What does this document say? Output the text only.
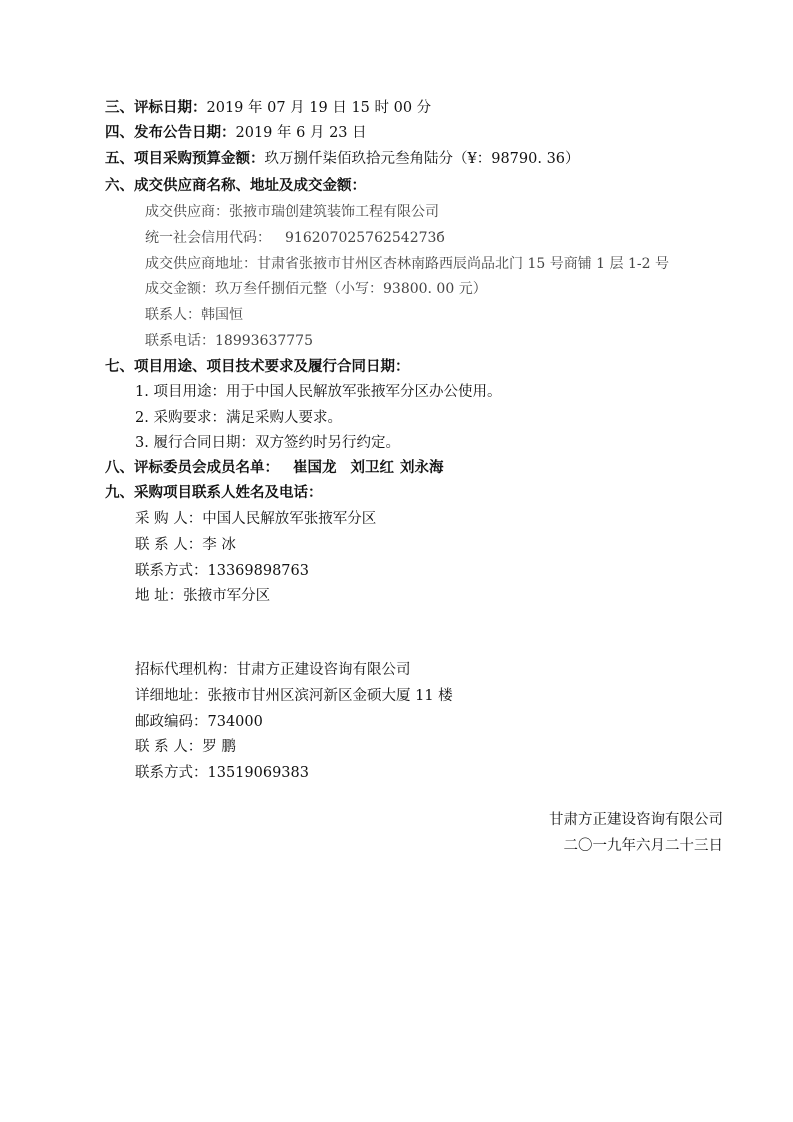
三、评标日期：2019 年 07 月 19 日 15 时 00 分
四、发布公告日期：2019 年 6 月 23 日
五、项目采购预算金额：玖万捌仟柒佰玖拾元叁角陆分（¥：98790. 36）
六、成交供应商名称、地址及成交金额：
成交供应商：张掖市瑞创建筑装饰工程有限公司
统一社会信用代码： 91620702576254273б
成交供应商地址：甘肃省张掖市甘州区杏林南路西辰尚品北门 15 号商铺 1 层 1-2 号
成交金额：玖万叁仟捌佰元整（小写：93800. 00 元）
联系人：韩国恒
联系电话：18993637775
七、项目用途、项目技术要求及履行合同日期：
1. 项目用途：用于中国人民解放军张掖军分区办公使用。
2. 采购要求：满足采购人要求。
3. 履行合同日期：双方签约时另行约定。
八、评标委员会成员名单： 崔国龙 刘卫红 刘永海
九、采购项目联系人姓名及电话：
采 购 人：中国人民解放军张掖军分区
联 系 人：李 冰
联系方式：13369898763
地 址：张掖市军分区
招标代理机构：甘肃方正建设咨询有限公司
详细地址：张掖市甘州区滨河新区金硕大厦 11 楼
邮政编码：734000
联 系 人：罗 鹏
联系方式：13519069383
甘肃方正建设咨询有限公司
二〇一九年六月二十三日
